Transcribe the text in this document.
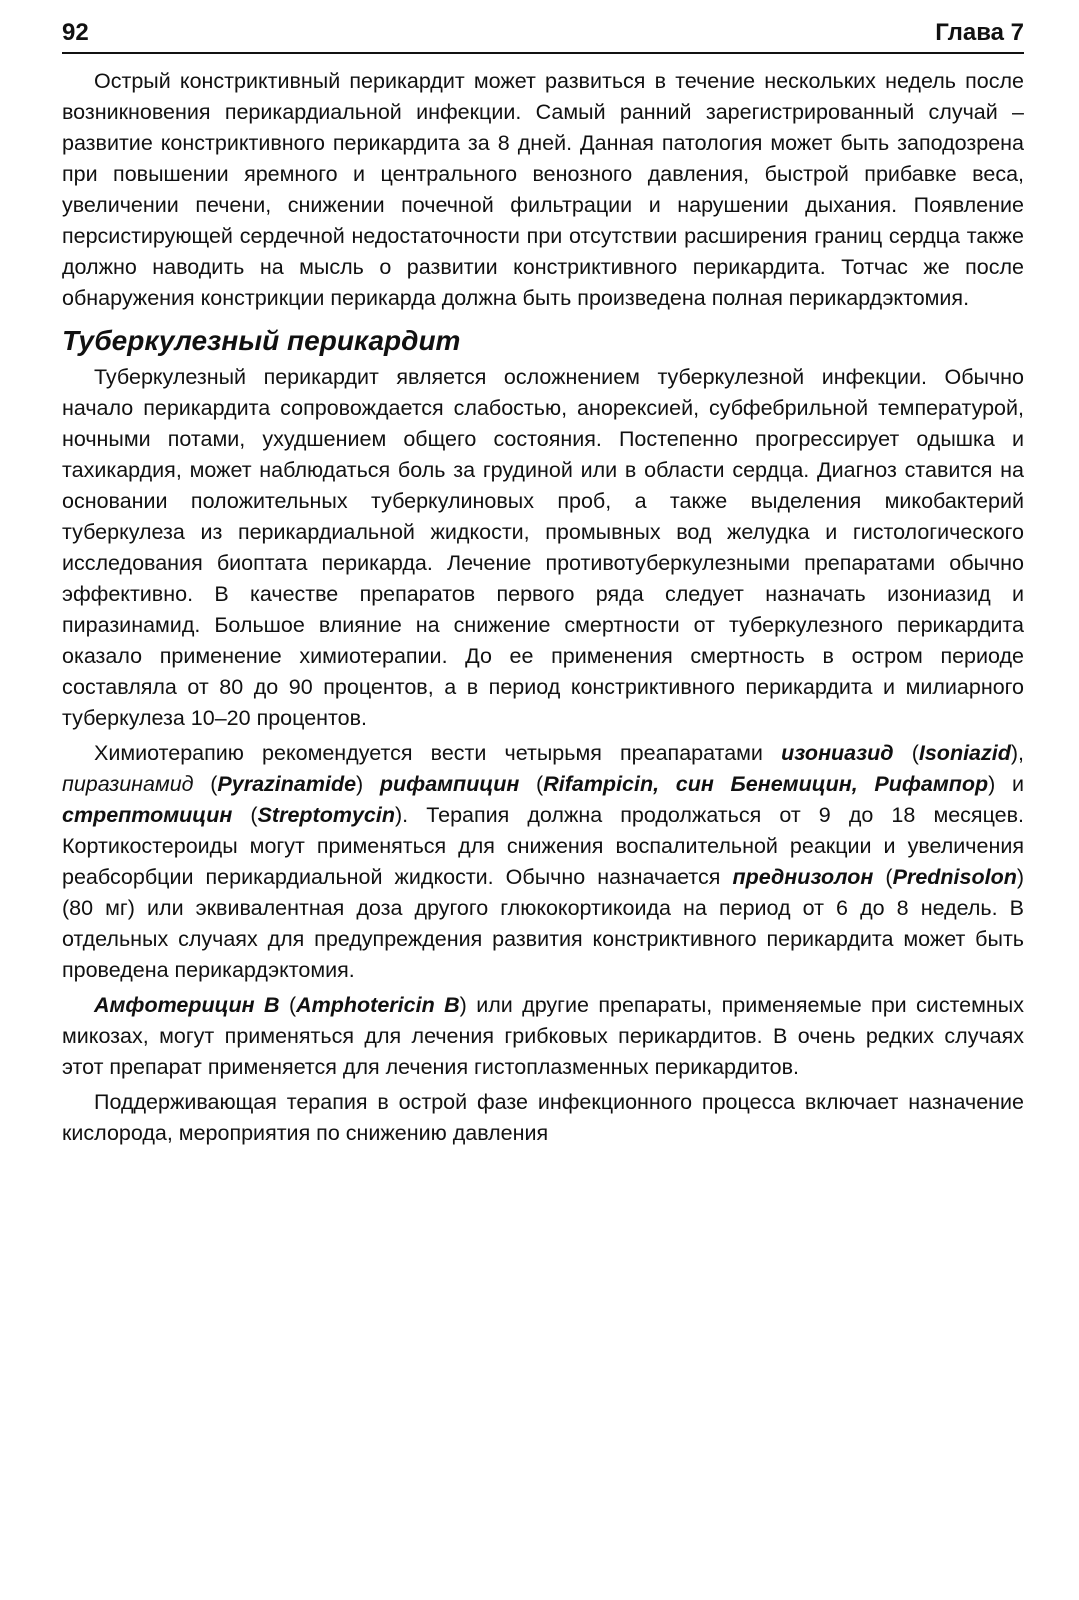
92	Глава 7

Острый констриктивный перикардит может развиться в течение нескольких недель после возникновения перикардиальной инфекции. Самый ранний зарегистрированный случай – развитие констриктивного перикардита за 8 дней. Данная патология может быть заподозрена при повышении яремного и центрального венозного давления, быстрой прибавке веса, увеличении печени, снижении почечной фильтрации и нарушении дыхания. Появление персистирующей сердечной недостаточности при отсутствии расширения границ сердца также должно наводить на мысль о развитии констриктивного перикардита. Тотчас же после обнаружения констрикции перикарда должна быть произведена полная перикардэктомия.

Туберкулезный перикардит

Туберкулезный перикардит является осложнением туберкулезной инфекции. Обычно начало перикардита сопровождается слабостью, анорексией, субфебрильной температурой, ночными потами, ухудшением общего состояния. Постепенно прогрессирует одышка и тахикардия, может наблюдаться боль за грудиной или в области сердца. Диагноз ставится на основании положительных туберкулиновых проб, а также выделения микобактерий туберкулеза из перикардиальной жидкости, промывных вод желудка и гистологического исследования биоптата перикарда. Лечение противотуберкулезными препаратами обычно эффективно. В качестве препаратов первого ряда следует назначать изониазид и пиразинамид. Большое влияние на снижение смертности от туберкулезного перикардита оказало применение химиотерапии. До ее применения смертность в остром периоде составляла от 80 до 90 процентов, а в период констриктивного перикардита и милиарного туберкулеза 10–20 процентов.

Химиотерапию рекомендуется вести четырьмя преапаратами изониазид (Isoniazid), пиразинамид (Pyrazinamide) рифампицин (Rifampicin, син Бенемицин, Рифампор) и стрептомицин (Streptomycin). Терапия должна продолжаться от 9 до 18 месяцев. Кортикостероиды могут применяться для снижения воспалительной реакции и увеличения реабсорбции перикардиальной жидкости. Обычно назначается преднизолон (Prednisolon) (80 мг) или эквивалентная доза другого глюкокортикоида на период от 6 до 8 недель. В отдельных случаях для предупреждения развития констриктивного перикардита может быть проведена перикардэктомия.

Амфотерицин В (Amphotericin B) или другие препараты, применяемые при системных микозах, могут применяться для лечения грибковых перикардитов. В очень редких случаях этот препарат применяется для лечения гистоплазменных перикардитов.

Поддерживающая терапия в острой фазе инфекционного процесса включает назначение кислорода, мероприятия по снижению давления
